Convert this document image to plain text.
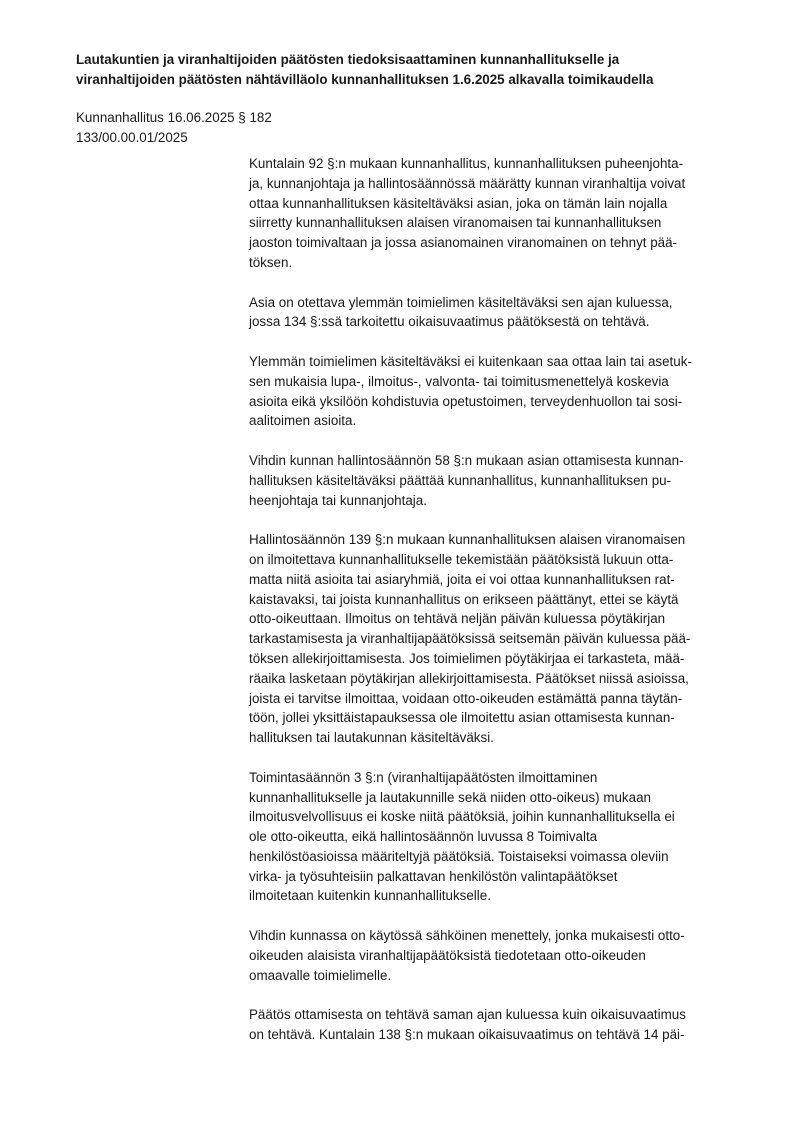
Lautakuntien ja viranhaltijoiden päätösten tiedoksisaattaminen kunnanhallitukselle ja
viranhaltijoiden päätösten nähtävilläolo kunnanhallituksen 1.6.2025 alkavalla toimikaudella
Kunnanhallitus 16.06.2025 § 182
133/00.00.01/2025

Kuntalain 92 §:n mukaan kunnanhallitus, kunnanhallituksen puheenjohta-
ja, kunnanjohtaja ja hallintosäännössä määrätty kunnan viranhaltija voivat
ottaa kunnanhallituksen käsiteltäväksi asian, joka on tämän lain nojalla
siirretty kunnanhallituksen alaisen viranomaisen tai kunnanhallituksen
jaoston toimivaltaan ja jossa asianomainen viranomainen on tehnyt pää-
töksen.

Asia on otettava ylemmän toimielimen käsiteltäväksi sen ajan kuluessa,
jossa 134 §:ssä tarkoitettu oikaisuvaatimus päätöksestä on tehtävä.

Ylemmän toimielimen käsiteltäväksi ei kuitenkaan saa ottaa lain tai asetuk-
sen mukaisia lupa-, ilmoitus-, valvonta- tai toimitusmenettelyä koskevia
asioita eikä yksilöön kohdistuvia opetustoimen, terveydenhuollon tai sosi-
aalitoimen asioita.

Vihdin kunnan hallintosäännön 58 §:n mukaan asian ottamisesta kunnan-
hallituksen käsiteltäväksi päättää kunnanhallitus, kunnanhallituksen pu-
heenjohtaja tai kunnanjohtaja.

Hallintosäännön 139 §:n mukaan kunnanhallituksen alaisen viranomaisen
on ilmoitettava kunnanhallitukselle tekemistään päätöksistä lukuun otta-
matta niitä asioita tai asiaryhmiä, joita ei voi ottaa kunnanhallituksen rat-
kaistavaksi, tai joista kunnanhallitus on erikseen päättänyt, ettei se käytä
otto-oikeuttaan. Ilmoitus on tehtävä neljän päivän kuluessa pöytäkirjan
tarkastamisesta ja viranhaltijapäätöksissä seitsemän päivän kuluessa pää-
töksen allekirjoittamisesta. Jos toimielimen pöytäkirjaa ei tarkasteta, mää-
räaika lasketaan pöytäkirjan allekirjoittamisesta. Päätökset niissä asioissa,
joista ei tarvitse ilmoittaa, voidaan otto-oikeuden estämättä panna täytän-
töön, jollei yksittäistapauksessa ole ilmoitettu asian ottamisesta kunnan-
hallituksen tai lautakunnan käsiteltäväksi.

Toimintasäännön 3 §:n (viranhaltijapäätösten ilmoittaminen
kunnanhallitukselle ja lautakunnille sekä niiden otto-oikeus) mukaan
ilmoitusvelvollisuus ei koske niitä päätöksiä, joihin kunnanhallituksella ei
ole otto-oikeutta, eikä hallintosäännön luvussa 8 Toimivalta
henkilöstöasioissa määriteltyjä päätöksiä. Toistaiseksi voimassa oleviin
virka- ja työsuhteisiin palkattavan henkilöstön valintapäätökset
ilmoitetaan kuitenkin kunnanhallitukselle.

Vihdin kunnassa on käytössä sähköinen menettely, jonka mukaisesti otto-
oikeuden alaisista viranhaltijapäätöksistä tiedotetaan otto-oikeuden
omaavalle toimielimelle.

Päätös ottamisesta on tehtävä saman ajan kuluessa kuin oikaisuvaatimus
on tehtävä. Kuntalain 138 §:n mukaan oikaisuvaatimus on tehtävä 14 päi-
